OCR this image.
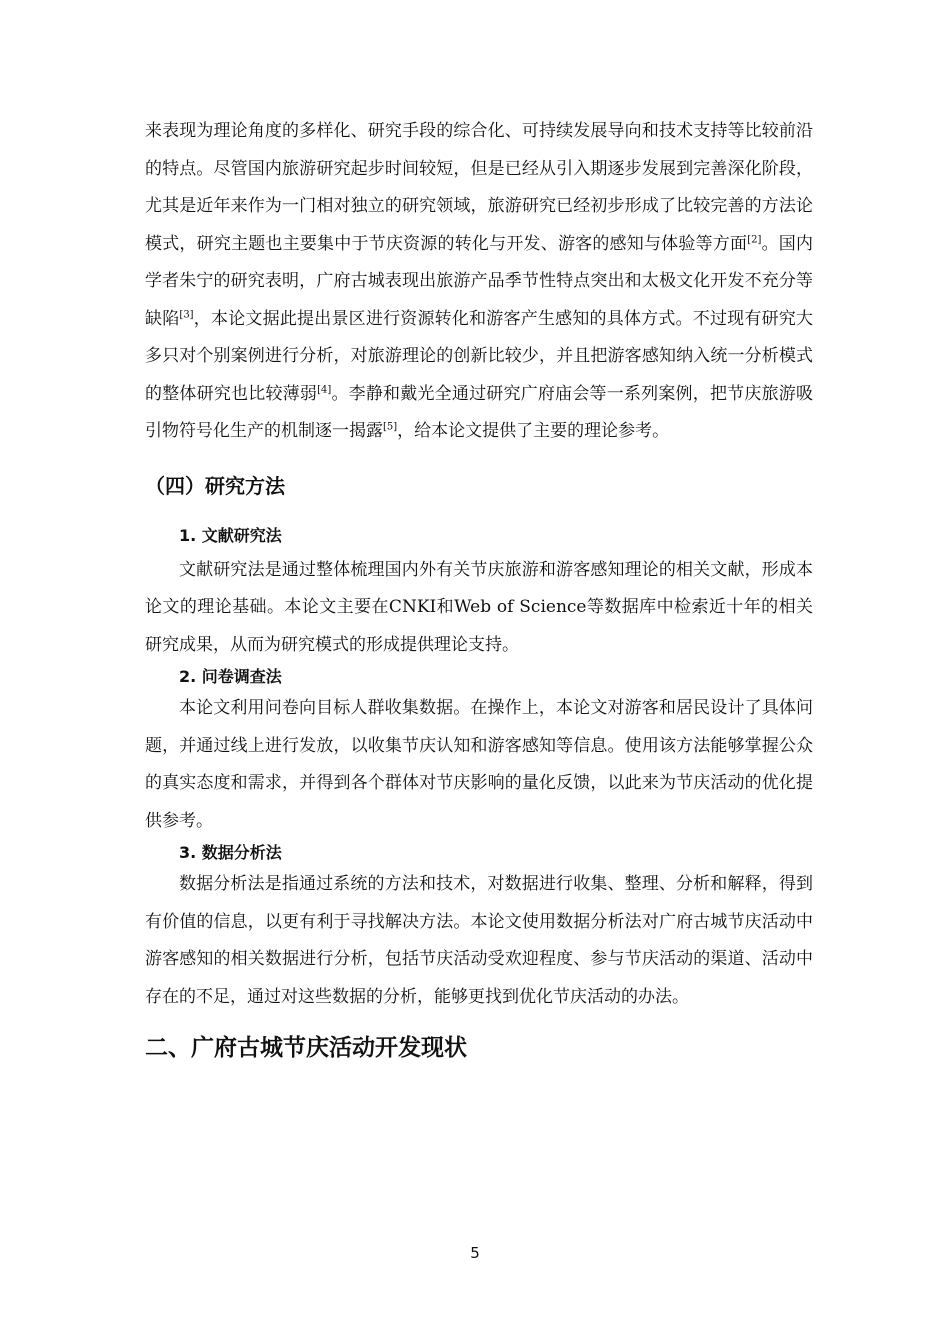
来表现为理论角度的多样化、研究手段的综合化、可持续发展导向和技术支持等比较前沿的特点。尽管国内旅游研究起步时间较短，但是已经从引入期逐步发展到完善深化阶段，尤其是近年来作为一门相对独立的研究领域，旅游研究已经初步形成了比较完善的方法论模式，研究主题也主要集中于节庆资源的转化与开发、游客的感知与体验等方面[2]。国内学者朱宁的研究表明，广府古城表现出旅游产品季节性特点突出和太极文化开发不充分等缺陷[3]，本论文据此提出景区进行资源转化和游客产生感知的具体方式。不过现有研究大多只对个别案例进行分析，对旅游理论的创新比较少，并且把游客感知纳入统一分析模式的整体研究也比较薄弱[4]。李静和戴光全通过研究广府庙会等一系列案例，把节庆旅游吸引物符号化生产的机制逐一揭露[5]，给本论文提供了主要的理论参考。

（四）研究方法
1. 文献研究法

文献研究法是通过整体梳理国内外有关节庆旅游和游客感知理论的相关文献，形成本论文的理论基础。本论文主要在CNKI和Web of Science等数据库中检索近十年的相关研究成果，从而为研究模式的形成提供理论支持。

2. 问卷调查法

本论文利用问卷向目标人群收集数据。在操作上，本论文对游客和居民设计了具体问题，并通过线上进行发放，以收集节庆认知和游客感知等信息。使用该方法能够掌握公众的真实态度和需求，并得到各个群体对节庆影响的量化反馈，以此来为节庆活动的优化提供参考。

3. 数据分析法

数据分析法是指通过系统的方法和技术，对数据进行收集、整理、分析和解释，得到有价值的信息，以更有利于寻找解决方法。本论文使用数据分析法对广府古城节庆活动中游客感知的相关数据进行分析，包括节庆活动受欢迎程度、参与节庆活动的渠道、活动中存在的不足，通过对这些数据的分析，能够更找到优化节庆活动的办法。

二、广府古城节庆活动开发现状
5
